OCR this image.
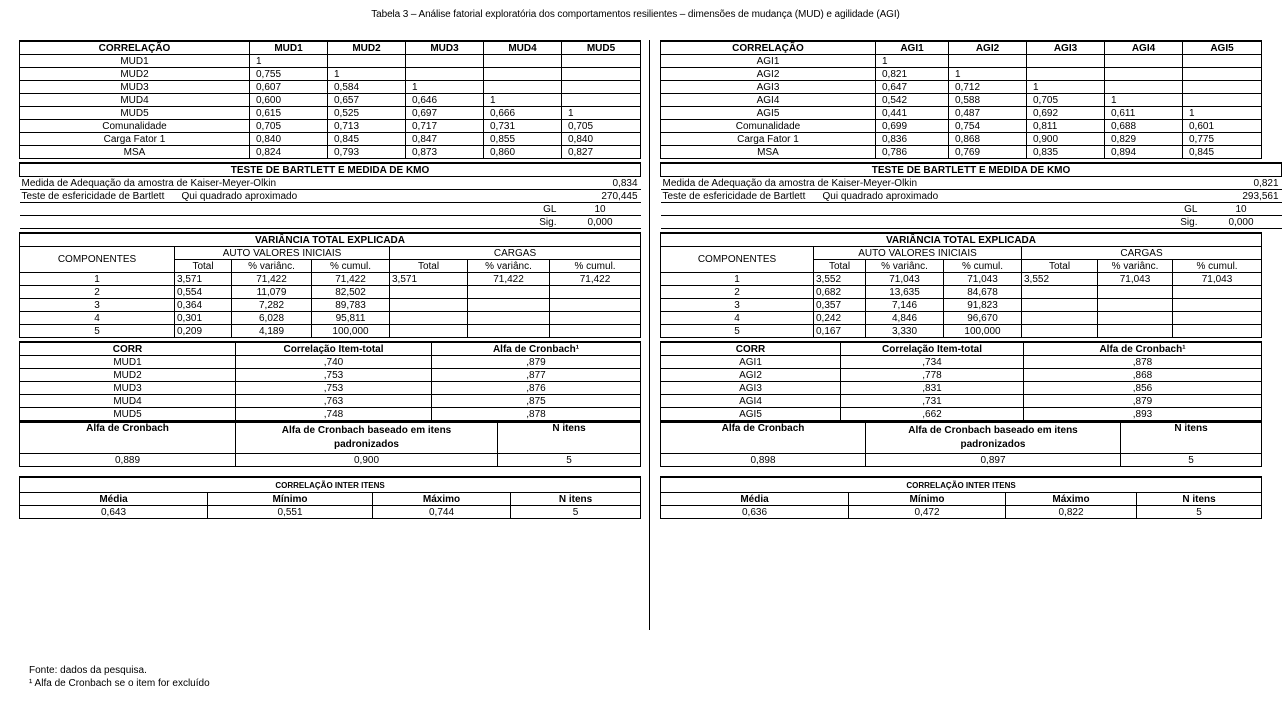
Tabela 3 – Análise fatorial exploratória dos comportamentos resilientes – dimensões de mudança (MUD) e agilidade (AGI)
CORRELAÇÃO	MUD1	MUD2	MUD3	MUD4	MUD5
MUD1	1				
MUD2	0,755	1			
MUD3	0,607	0,584	1		
MUD4	0,600	0,657	0,646	1	
MUD5	0,615	0,525	0,697	0,666	1
Comunalidade	0,705	0,713	0,717	0,731	0,705
Carga Fator 1	0,840	0,845	0,847	0,855	0,840
MSA	0,824	0,793	0,873	0,860	0,827
TESTE DE BARTLETT E MEDIDA DE KMO			
Medida de Adequação da amostra de Kaiser-Meyer-Olkin			0,834
Teste de esfericidade de Bartlett	Qui quadrado aproximado		270,445
		GL	10
		Sig.	0,000
VARIÂNCIA TOTAL EXPLICADA						
COMPONENTES	AUTO VALORES INICIAIS			CARGAS		
	Total	% variânc.	% cumul.	Total	% variânc.	% cumul.
1	3,571	71,422	71,422	3,571	71,422	71,422
2	0,554	11,079	82,502			
3	0,364	7,282	89,783			
4	0,301	6,028	95,811			
5	0,209	4,189	100,000			
CORR	Correlação Item-total	Alfa de Cronbach¹
MUD1	,740	,879
MUD2	,753	,877
MUD3	,753	,876
MUD4	,763	,875
MUD5	,748	,878
Alfa de Cronbach	Alfa de Cronbach baseado em itens padronizados	N itens
0,889	0,900	5
CORRELAÇÃO INTER ITENS			
Média	Mínimo	Máximo	N itens
0,643	0,551	0,744	5
CORRELAÇÃO	AGI1	AGI2	AGI3	AGI4	AGI5
AGI1	1				
AGI2	0,821	1			
AGI3	0,647	0,712	1		
AGI4	0,542	0,588	0,705	1	
AGI5	0,441	0,487	0,692	0,611	1
Comunalidade	0,699	0,754	0,811	0,688	0,601
Carga Fator 1	0,836	0,868	0,900	0,829	0,775
MSA	0,786	0,769	0,835	0,894	0,845
TESTE DE BARTLETT E MEDIDA DE KMO			
Medida de Adequação da amostra de Kaiser-Meyer-Olkin			0,821
Teste de esfericidade de Bartlett	Qui quadrado aproximado		293,561
		GL	10
		Sig.	0,000
VARIÂNCIA TOTAL EXPLICADA						
COMPONENTES	AUTO VALORES INICIAIS			CARGAS		
	Total	% variânc.	% cumul.	Total	% variânc.	% cumul.
1	3,552	71,043	71,043	3,552	71,043	71,043
2	0,682	13,635	84,678			
3	0,357	7,146	91,823			
4	0,242	4,846	96,670			
5	0,167	3,330	100,000			
CORR	Correlação Item-total	Alfa de Cronbach¹
AGI1	,734	,878
AGI2	,778	,868
AGI3	,831	,856
AGI4	,731	,879
AGI5	,662	,893
Alfa de Cronbach	Alfa de Cronbach baseado em itens padronizados	N itens
0,898	0,897	5
CORRELAÇÃO INTER ITENS			
Média	Mínimo	Máximo	N itens
0,636	0,472	0,822	5
Fonte: dados da pesquisa.
¹ Alfa de Cronbach se o item for excluído
